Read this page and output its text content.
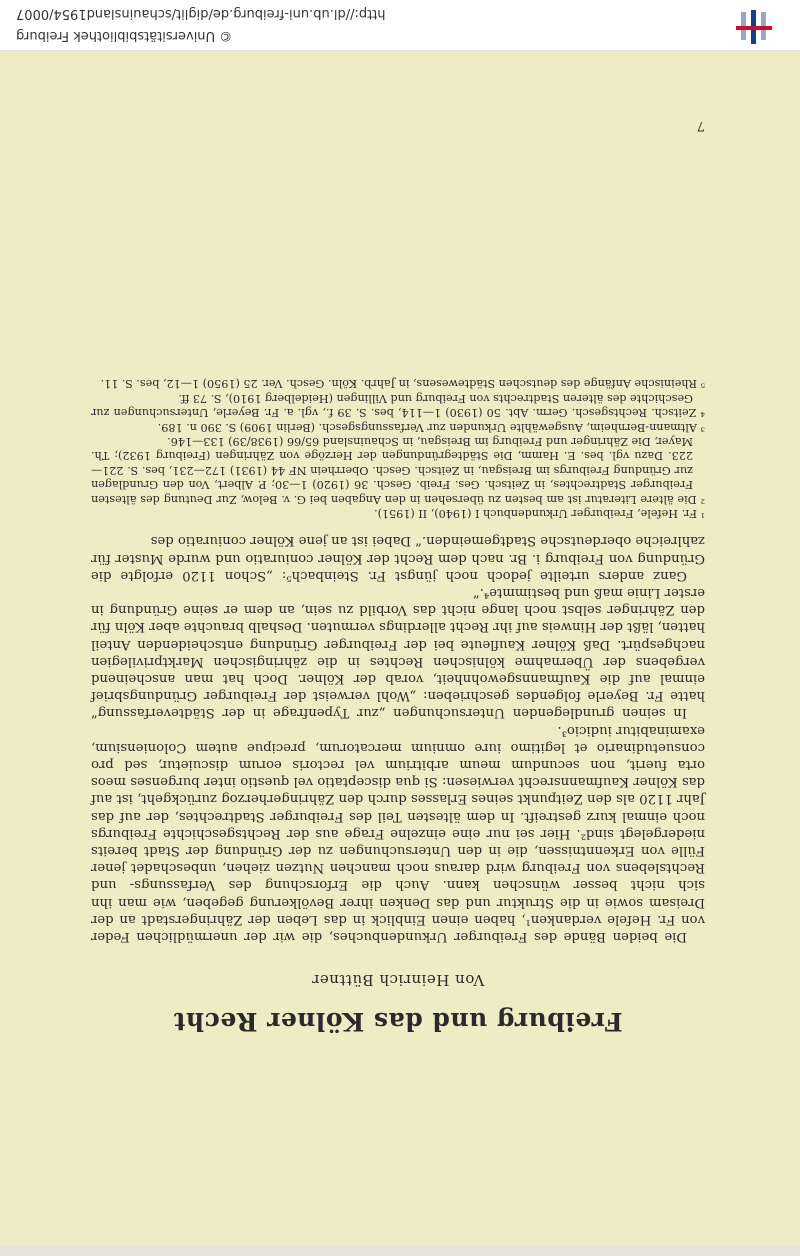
Freiburg und das Kölner Recht
Von Heinrich Büttner

Die beiden Bände des Freiburger Urkundenbuches, die wir der unermüdlichen Feder von Fr. Hefele verdanken¹, haben einen Einblick in das Leben der Zähringerstadt an der Dreisam sowie in die Struktur und das Denken ihrer Bevölkerung gegeben, wie man ihn sich nicht besser wünschen kann. Auch die Erforschung des Verfassungs- und Rechtslebens von Freiburg wird daraus noch manchen Nutzen ziehen, unbeschadet jener Fülle von Erkenntnissen, die in den Untersuchungen zu der Gründung der Stadt bereits niedergelegt sind². Hier sei nur eine einzelne Frage aus der Rechtsgeschichte Freiburgs noch einmal kurz gestreift. In dem ältesten Teil des Freiburger Stadtrechtes, der auf das Jahr 1120 als den Zeitpunkt seines Erlasses durch den Zähringerherzog zurückgeht, ist auf das Kölner Kaufmannsrecht verwiesen: Si qua disceptatio vel questio inter burgenses meos orta fuerit, non secundum meum arbitrium vel rectoris eorum discuietur, sed pro consuetudinario et legitimo iure omnium mercatorum, precipue autem Coloniensium, examinabitur iudicio³.

In seinen grundlegenden Untersuchungen „zur Typenfrage in der Städteverfassung“ hatte Fr. Beyerle folgendes geschrieben: „Wohl verweist der Freiburger Gründungsbrief einmal auf die Kaufmannsgewohnheit, vorab der Kölner. Doch hat man anscheinend vergebens der Übernahme kölnischen Rechtes in die zähringischen Marktprivilegien nachgespürt. Daß Kölner Kaufleute bei der Freiburger Gründung entscheidenden Anteil hatten, läßt der Hinweis auf ihr Recht allerdings vermuten. Deshalb brauchte aber Köln für den Zähringer selbst noch lange nicht das Vorbild zu sein, an dem er seine Gründung in erster Linie maß und bestimmte⁴.“

Ganz anders urteilte jedoch noch jüngst Fr. Steinbach⁵: „Schon 1120 erfolgte die Gründung von Freiburg i. Br. nach dem Recht der Kölner coniuratio und wurde Muster für zahlreiche oberdeutsche Stadtgemeinden.“ Dabei ist an jene Kölner coniuratio des

¹ Fr. Hefele, Freiburger Urkundenbuch I (1940), II (1951).

² Die ältere Literatur ist am besten zu übersehen in den Angaben bei G. v. Below, Zur Deutung des ältesten Freiburger Stadtrechtes, in Zeitsch. Ges. Freib. Gesch. 36 (1920) 1—30; P. Albert, Von den Grundlagen zur Gründung Freiburgs im Breisgau, in Zeitsch. Gesch. Oberrhein NF 44 (1931) 172—231, bes. S. 221—223. Dazu vgl. bes. E. Hamm, Die Städtegründungen der Herzöge von Zähringen (Freiburg 1932); Th. Mayer, Die Zähringer und Freiburg im Breisgau, in Schauinsland 65/66 (1938/39) 133—146.

³ Altmann-Bernheim, Ausgewählte Urkunden zur Verfassungsgesch. (Berlin 1909) S. 390 n. 189.

⁴ Zeitsch. Rechtsgesch. Germ. Abt. 50 (1930) 1—114, bes. S. 39 f., vgl. a. Fr. Beyerle, Untersuchungen zur Geschichte des älteren Stadtrechts von Freiburg und Villingen (Heidelberg 1910), S. 73 ff.

⁵ Rheinische Anfänge des deutschen Städtewesens, in Jahrb. Köln. Gesch. Ver. 25 (1950) 1—12, bes. S. 11.

7
© Universitätsbibliothek Freiburg
http://dl.ub.uni-freiburg.de/diglit/schauinsland1954/0007
